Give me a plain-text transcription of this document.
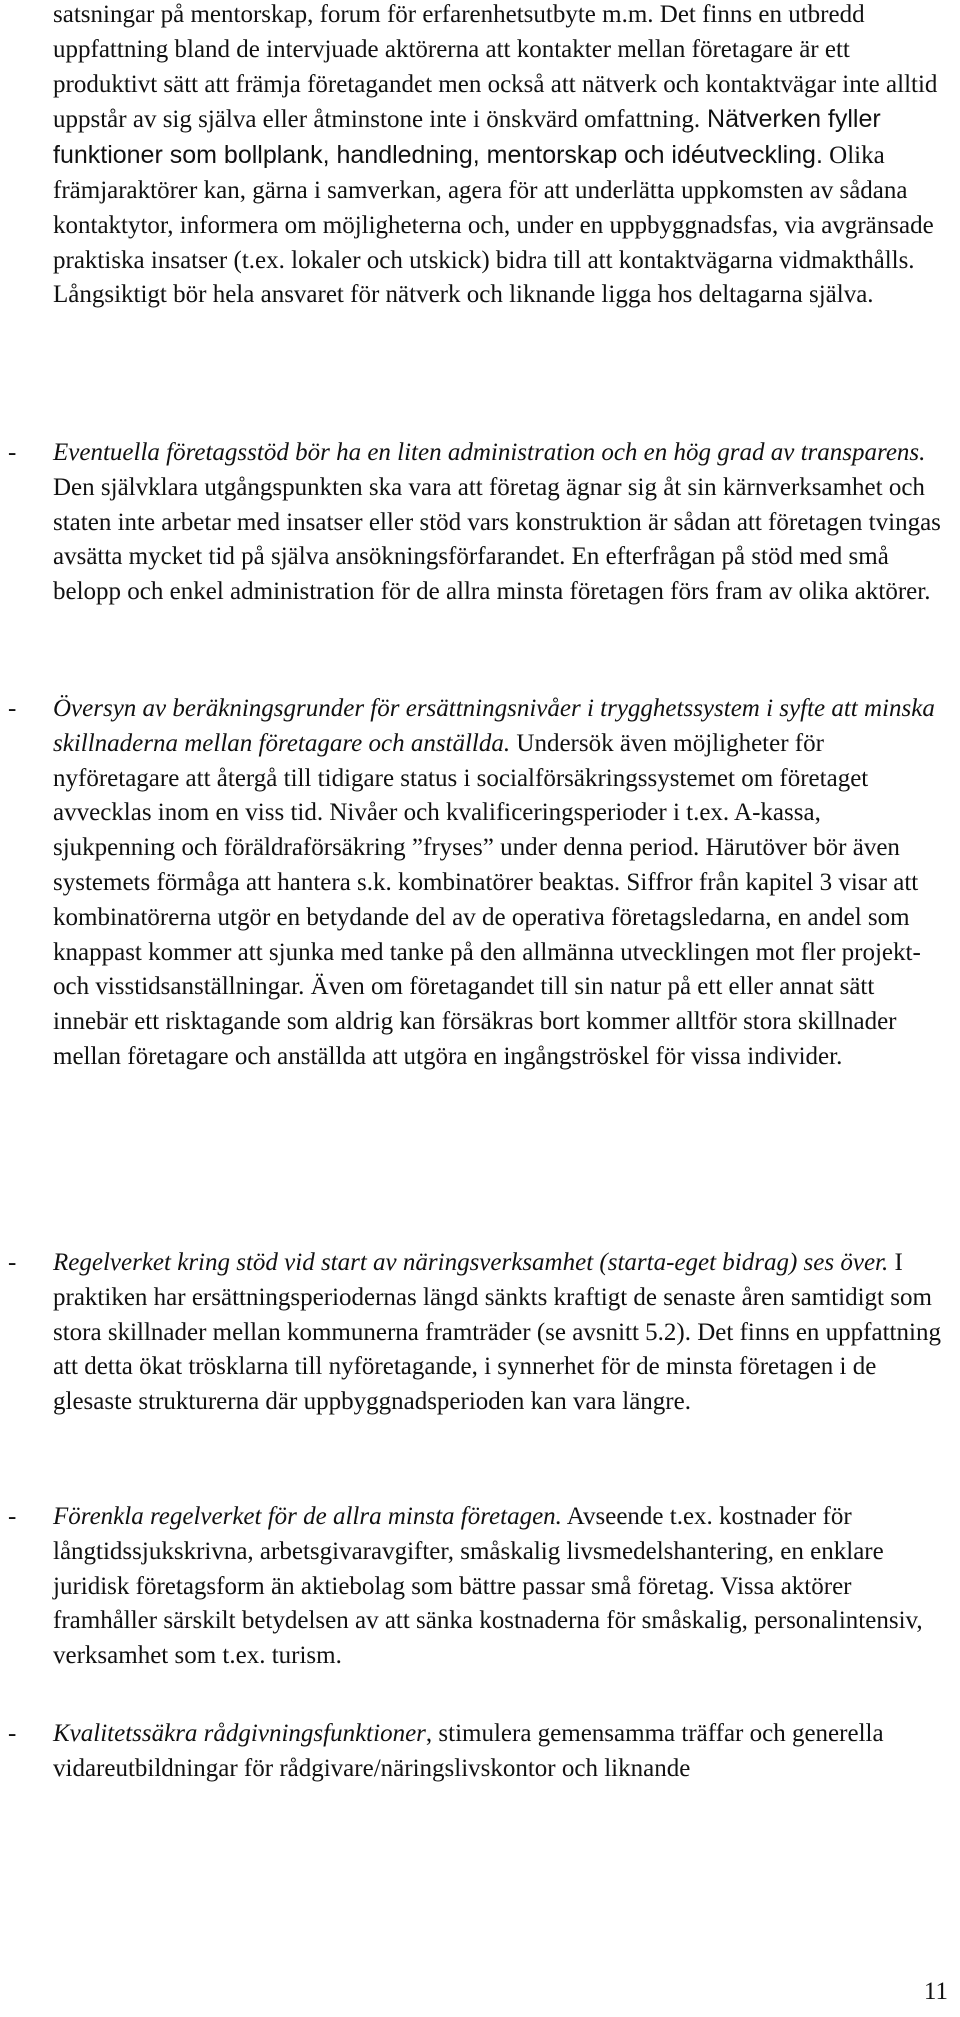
satsningar på mentorskap, forum för erfarenhetsutbyte m.m. Det finns en utbredd uppfattning bland de intervjuade aktörerna att kontakter mellan företagare är ett produktivt sätt att främja företagandet men också att nätverk och kontaktvägar inte alltid uppstår av sig själva eller åtminstone inte i önskvärd omfattning. Nätverken fyller funktioner som bollplank, handledning, mentorskap och idéutveckling. Olika främjaraktörer kan, gärna i samverkan, agera för att underlätta uppkomsten av sådana kontaktytor, informera om möjligheterna och, under en uppbyggnadsfas, via avgränsade praktiska insatser (t.ex. lokaler och utskick) bidra till att kontaktvägarna vidmakthålls. Långsiktigt bör hela ansvaret för nätverk och liknande ligga hos deltagarna själva.

- Eventuella företagsstöd bör ha en liten administration och en hög grad av transparens. Den självklara utgångspunkten ska vara att företag ägnar sig åt sin kärnverksamhet och staten inte arbetar med insatser eller stöd vars konstruktion är sådan att företagen tvingas avsätta mycket tid på själva ansökningsförfarandet. En efterfrågan på stöd med små belopp och enkel administration för de allra minsta företagen förs fram av olika aktörer.

- Översyn av beräkningsgrunder för ersättningsnivåer i trygghetssystem i syfte att minska skillnaderna mellan företagare och anställda. Undersök även möjligheter för nyföretagare att återgå till tidigare status i socialförsäkringssystemet om företaget avvecklas inom en viss tid. Nivåer och kvalificeringsperioder i t.ex. A-kassa, sjukpenning och föräldraförsäkring ”fryses” under denna period. Härutöver bör även systemets förmåga att hantera s.k. kombinatörer beaktas. Siffror från kapitel 3 visar att kombinatörerna utgör en betydande del av de operativa företagsledarna, en andel som knappast kommer att sjunka med tanke på den allmänna utvecklingen mot fler projekt- och visstidsanställningar. Även om företagandet till sin natur på ett eller annat sätt innebär ett risktagande som aldrig kan försäkras bort kommer alltför stora skillnader mellan företagare och anställda att utgöra en ingångströskel för vissa individer.

- Regelverket kring stöd vid start av näringsverksamhet (starta-eget bidrag) ses över. I praktiken har ersättningsperiodernas längd sänkts kraftigt de senaste åren samtidigt som stora skillnader mellan kommunerna framträder (se avsnitt 5.2). Det finns en uppfattning att detta ökat trösklarna till nyföretagande, i synnerhet för de minsta företagen i de glesaste strukturerna där uppbyggnadsperioden kan vara längre.

- Förenkla regelverket för de allra minsta företagen. Avseende t.ex. kostnader för långtidssjukskrivna, arbetsgivaravgifter, småskalig livsmedelshantering, en enklare juridisk företagsform än aktiebolag som bättre passar små företag. Vissa aktörer framhåller särskilt betydelsen av att sänka kostnaderna för småskalig, personalintensiv, verksamhet som t.ex. turism.

- Kvalitetssäkra rådgivningsfunktioner, stimulera gemensamma träffar och generella vidareutbildningar för rådgivare/näringslivskontor och liknande

11
